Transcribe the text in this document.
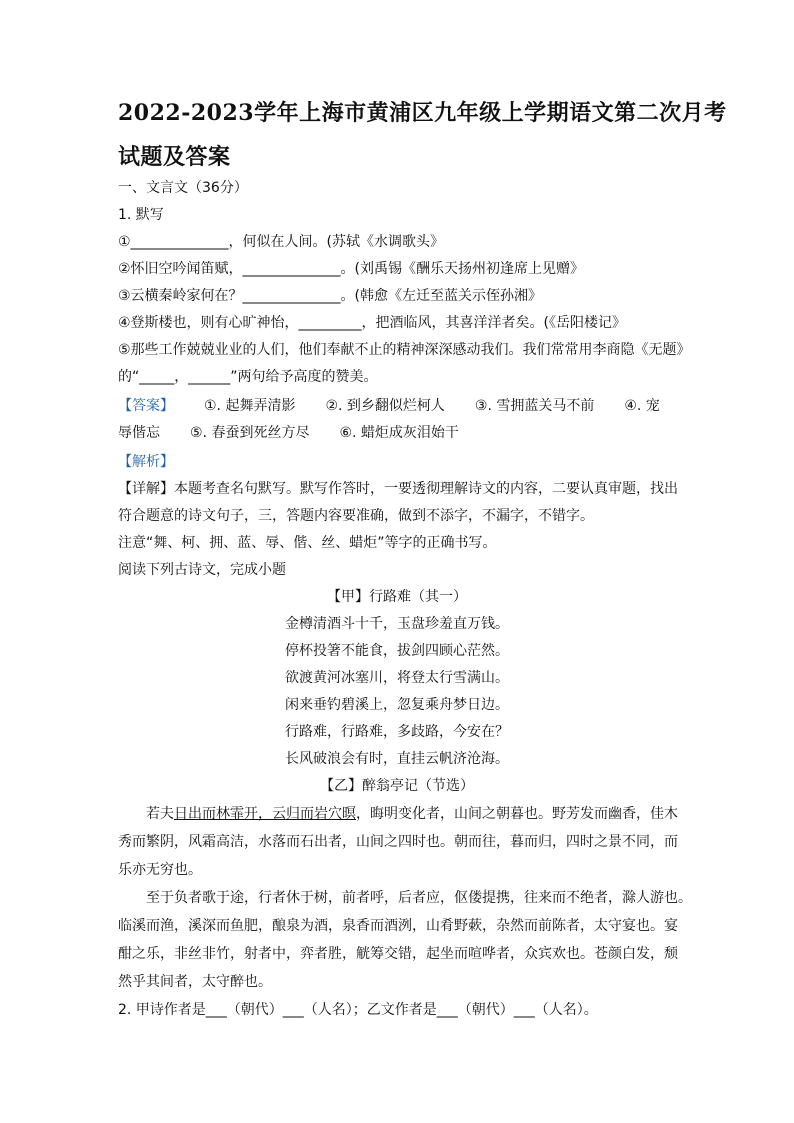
2022-2023学年上海市黄浦区九年级上学期语文第二次月考
试题及答案
一、文言文（36分）
1. 默写
①______________，何似在人间。(苏轼《水调歌头》
②怀旧空吟闻笛赋，______________。(刘禹锡《酬乐天扬州初逢席上见赠》
③云横秦岭家何在？______________。(韩愈《左迁至蓝关示侄孙湘》
④登斯楼也，则有心旷神怡，_________，把酒临风，其喜洋洋者矣。(《岳阳楼记》
⑤那些工作兢兢业业的人们，他们奉献不止的精神深深感动我们。我们常常用李商隐《无题》
的“_____，______”两句给予高度的赞美。
【答案】 ①. 起舞弄清影 ②. 到乡翻似烂柯人 ③. 雪拥蓝关马不前 ④. 宠
辱偕忘 ⑤. 春蚕到死丝方尽 ⑥. 蜡炬成灰泪始干
【解析】
【详解】本题考查名句默写。默写作答时，一要透彻理解诗文的内容，二要认真审题，找出
符合题意的诗文句子，三，答题内容要准确，做到不添字，不漏字，不错字。
注意“舞、柯、拥、蓝、辱、偕、丝、蜡炬”等字的正确书写。
阅读下列古诗文，完成小题
【甲】行路难（其一）
金樽清酒斗十千，玉盘珍羞直万钱。
停杯投箸不能食，拔剑四顾心茫然。
欲渡黄河冰塞川，将登太行雪满山。
闲来垂钓碧溪上，忽复乘舟梦日边。
行路难，行路难，多歧路，今安在？
长风破浪会有时，直挂云帆济沧海。
【乙】醉翁亭记（节选）
若夫日出而林霏开，云归而岩穴暝，晦明变化者，山间之朝暮也。野芳发而幽香，佳木
秀而繁阴，风霜高洁，水落而石出者，山间之四时也。朝而往，暮而归，四时之景不同，而
乐亦无穷也。
至于负者歌于途，行者休于树，前者呼，后者应，伛偻提携，往来而不绝者，滁人游也。
临溪而渔，溪深而鱼肥，酿泉为酒，泉香而酒洌，山肴野蔌，杂然而前陈者，太守宴也。宴
酣之乐，非丝非竹，射者中，弈者胜，觥筹交错，起坐而喧哗者，众宾欢也。苍颜白发，颓
然乎其间者，太守醉也。
2. 甲诗作者是___（朝代）___（人名）；乙文作者是___（朝代）___（人名）。
